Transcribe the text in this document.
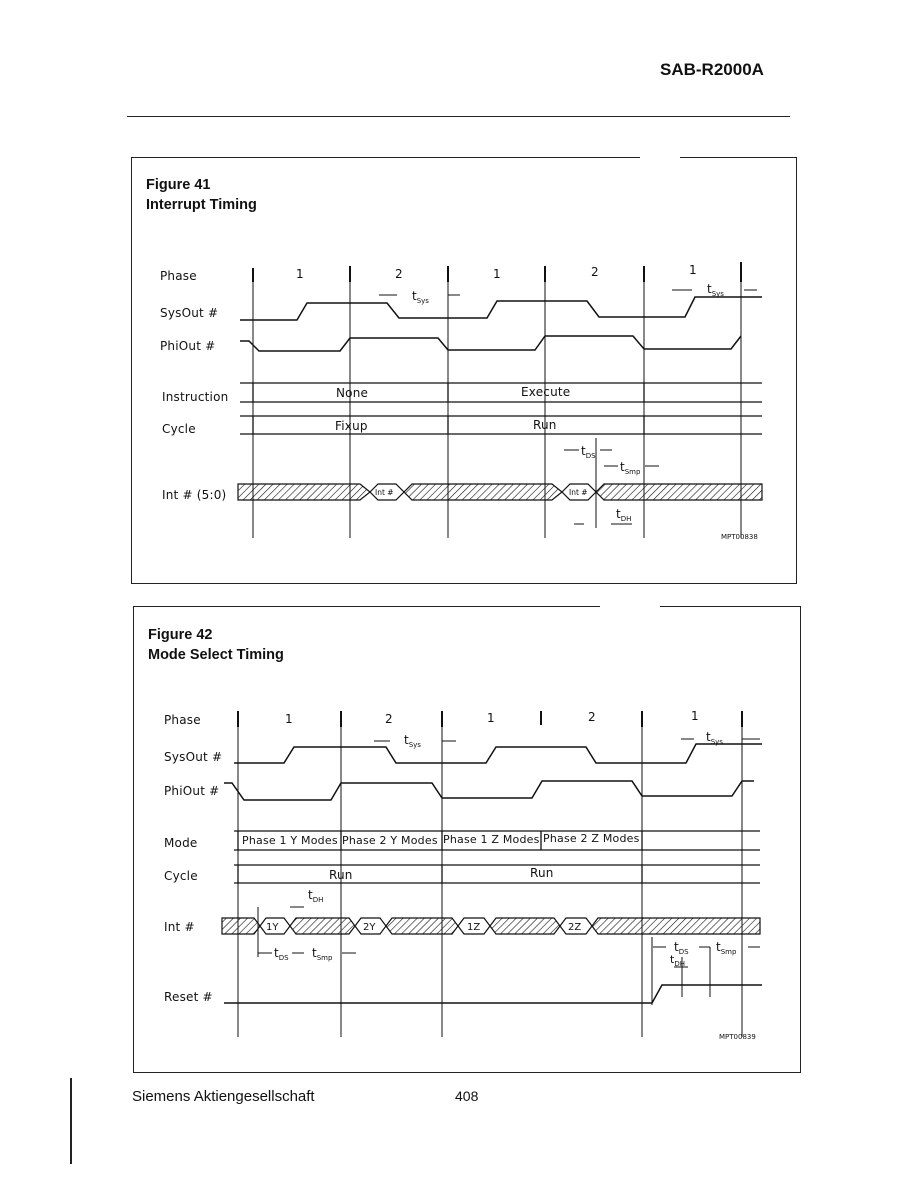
SAB-R2000A
Figure 41
Interrupt Timing
Int #	Int #
$t_{Sys}$
$t_{Sys}$
$t_{DS}$
$t_{Smp}$
$t_{DH}$
Phase
SysOut #
PhiOut #
Instruction
Cycle
Int # (5:0)
1	2	1	2	1
None	Execute
Fixup	Run
MPT00838
Figure 42
Mode Select Timing
1Y	2Y	1Z	2Z
$t_{Sys}$
$t_{Sys}$
$t_{DH}$
$t_{DS}$ $t_{Smp}$
$t_{DS}$
$t_{DH}$
$t_{Smp}$
Phase
SysOut #
PhiOut #
Mode
Cycle
Int #
Reset #
1	2	1	2	1
Phase 1 Y Modes Phase 2 Y Modes Phase 1 Z Modes Phase 2 Z Modes
Run	Run
MPT00839
Siemens Aktiengesellschaft	408
